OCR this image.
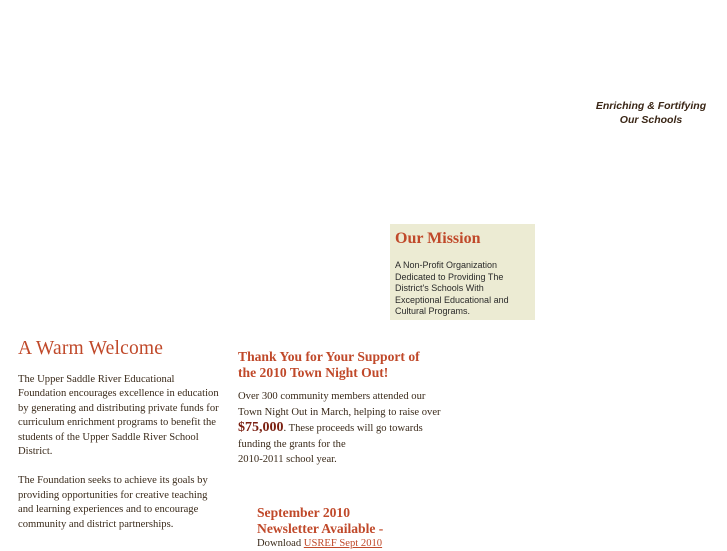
Enriching & Fortifying
Our Schools
Our Mission

A Non-Profit Organization Dedicated to Providing The District's Schools With Exceptional Educational and Cultural Programs.

A Warm Welcome

The Upper Saddle River Educational Foundation encourages excellence in education by generating and distributing private funds for curriculum enrichment programs to benefit the students of the Upper Saddle River School District.

The Foundation seeks to achieve its goals by providing opportunities for creative teaching and learning experiences and to encourage community and district partnerships.

Thank You for Your Support of
the 2010 Town Night Out!

Over 300 community members attended our
Town Night Out in March, helping to raise over
$75,000. These proceeds will go towards
funding the grants for the
2010-2011 school year.

September 2010
Newsletter Available -
Download USREF Sept 2010
